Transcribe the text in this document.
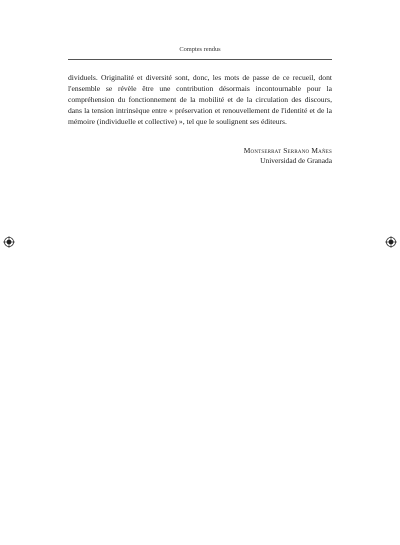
Comptes rendus

dividuels. Originalité et diversité sont, donc, les mots de passe de ce recueil, dont l'ensemble se révèle être une contribution désormais incontournable pour la compréhension du fonctionnement de la mobilité et de la circulation des discours, dans la tension intrinsèque entre « préservation et renouvellement de l'identité et de la mémoire (individuelle et collective) », tel que le soulignent ses éditeurs.

Montserrat Serrano Mañes
Universidad de Granada
